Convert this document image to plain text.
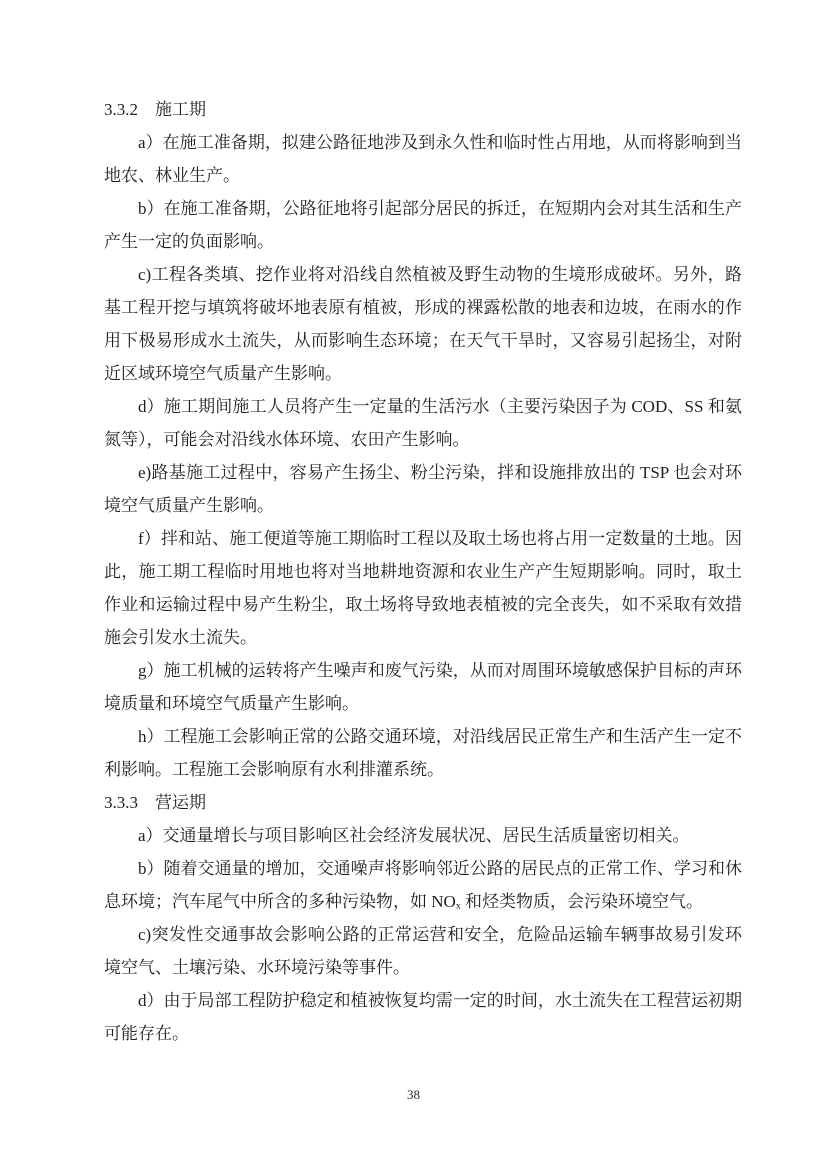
3.3.2　施工期

a）在施工准备期，拟建公路征地涉及到永久性和临时性占用地，从而将影响到当地农、林业生产。

b）在施工准备期，公路征地将引起部分居民的拆迁，在短期内会对其生活和生产产生一定的负面影响。

c)工程各类填、挖作业将对沿线自然植被及野生动物的生境形成破坏。另外，路基工程开挖与填筑将破坏地表原有植被，形成的裸露松散的地表和边坡，在雨水的作用下极易形成水土流失，从而影响生态环境；在天气干旱时，又容易引起扬尘，对附近区域环境空气质量产生影响。

d）施工期间施工人员将产生一定量的生活污水（主要污染因子为 COD、SS 和氨氮等），可能会对沿线水体环境、农田产生影响。

e)路基施工过程中，容易产生扬尘、粉尘污染，拌和设施排放出的 TSP 也会对环境空气质量产生影响。

f）拌和站、施工便道等施工期临时工程以及取土场也将占用一定数量的土地。因此，施工期工程临时用地也将对当地耕地资源和农业生产产生短期影响。同时，取土作业和运输过程中易产生粉尘，取土场将导致地表植被的完全丧失，如不采取有效措施会引发水土流失。

g）施工机械的运转将产生噪声和废气污染，从而对周围环境敏感保护目标的声环境质量和环境空气质量产生影响。

h）工程施工会影响正常的公路交通环境，对沿线居民正常生产和生活产生一定不利影响。工程施工会影响原有水利排灌系统。

3.3.3　营运期

a）交通量增长与项目影响区社会经济发展状况、居民生活质量密切相关。

b）随着交通量的增加，交通噪声将影响邻近公路的居民点的正常工作、学习和休息环境；汽车尾气中所含的多种污染物，如 NOₓ 和烃类物质，会污染环境空气。

c)突发性交通事故会影响公路的正常运营和安全，危险品运输车辆事故易引发环境空气、土壤污染、水环境污染等事件。

d）由于局部工程防护稳定和植被恢复均需一定的时间，水土流失在工程营运初期可能存在。

38
